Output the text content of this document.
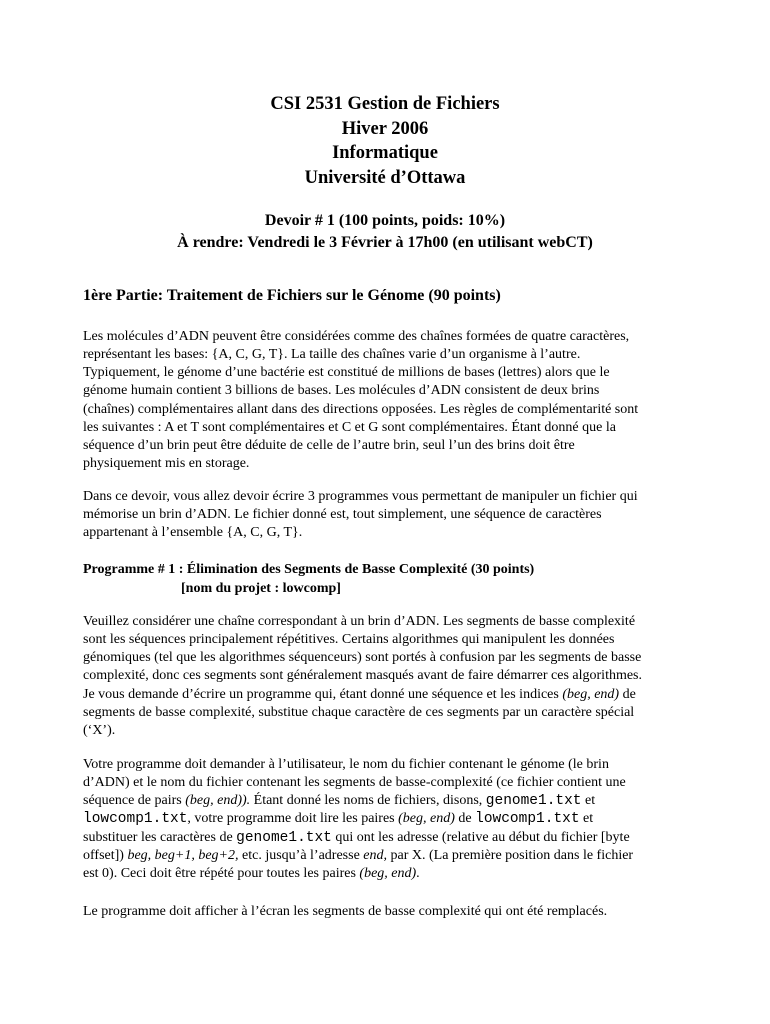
CSI 2531 Gestion de Fichiers
Hiver 2006
Informatique
Université d’Ottawa
Devoir # 1 (100 points, poids: 10%)
À rendre: Vendredi le 3 Février à 17h00 (en utilisant webCT)
1ère Partie: Traitement de Fichiers sur le Génome (90 points)
Les molécules d’ADN peuvent être considérées comme des chaînes formées de quatre caractères,
représentant les bases: {A, C, G, T}. La taille des chaînes varie d’un organisme à l’autre.
Typiquement, le génome d’une bactérie est constitué de millions de bases (lettres) alors que le
génome humain contient 3 billions de bases. Les molécules d’ADN consistent de deux brins
(chaînes) complémentaires allant dans des directions opposées. Les règles de complémentarité sont
les suivantes : A et T sont complémentaires et C et G sont complémentaires. Étant donné que la
séquence d’un brin peut être déduite de celle de l’autre brin, seul l’un des brins doit être
physiquement mis en storage.
Dans ce devoir, vous allez devoir écrire 3 programmes vous permettant de manipuler un fichier qui
mémorise un brin d’ADN. Le fichier donné est, tout simplement, une séquence de caractères
appartenant à l’ensemble {A, C, G, T}.
Programme # 1 : Élimination des Segments de Basse Complexité (30 points)
[nom du projet : lowcomp]
Veuillez considérer une chaîne correspondant à un brin d’ADN. Les segments de basse complexité
sont les séquences principalement répétitives. Certains algorithmes qui manipulent les données
génomiques (tel que les algorithmes séquenceurs) sont portés à confusion par les segments de basse
complexité, donc ces segments sont généralement masqués avant de faire démarrer ces algorithmes.
Je vous demande d’écrire un programme qui, étant donné une séquence et les indices (beg, end) de
segments de basse complexité, substitue chaque caractère de ces segments par un caractère spécial
(‘X’).
Votre programme doit demander à l’utilisateur, le nom du fichier contenant le génome (le brin
d’ADN) et le nom du fichier contenant les segments de basse-complexité (ce fichier contient une
séquence de pairs (beg, end)). Étant donné les noms de fichiers, disons, genome1.txt et
lowcomp1.txt, votre programme doit lire les paires (beg, end) de lowcomp1.txt et
substituer les caractères de genome1.txt qui ont les adresse (relative au début du fichier [byte
offset]) beg, beg+1, beg+2, etc. jusqu’à l’adresse end, par X. (La première position dans le fichier
est 0). Ceci doit être répété pour toutes les paires (beg, end).
Le programme doit afficher à l’écran les segments de basse complexité qui ont été remplacés.
